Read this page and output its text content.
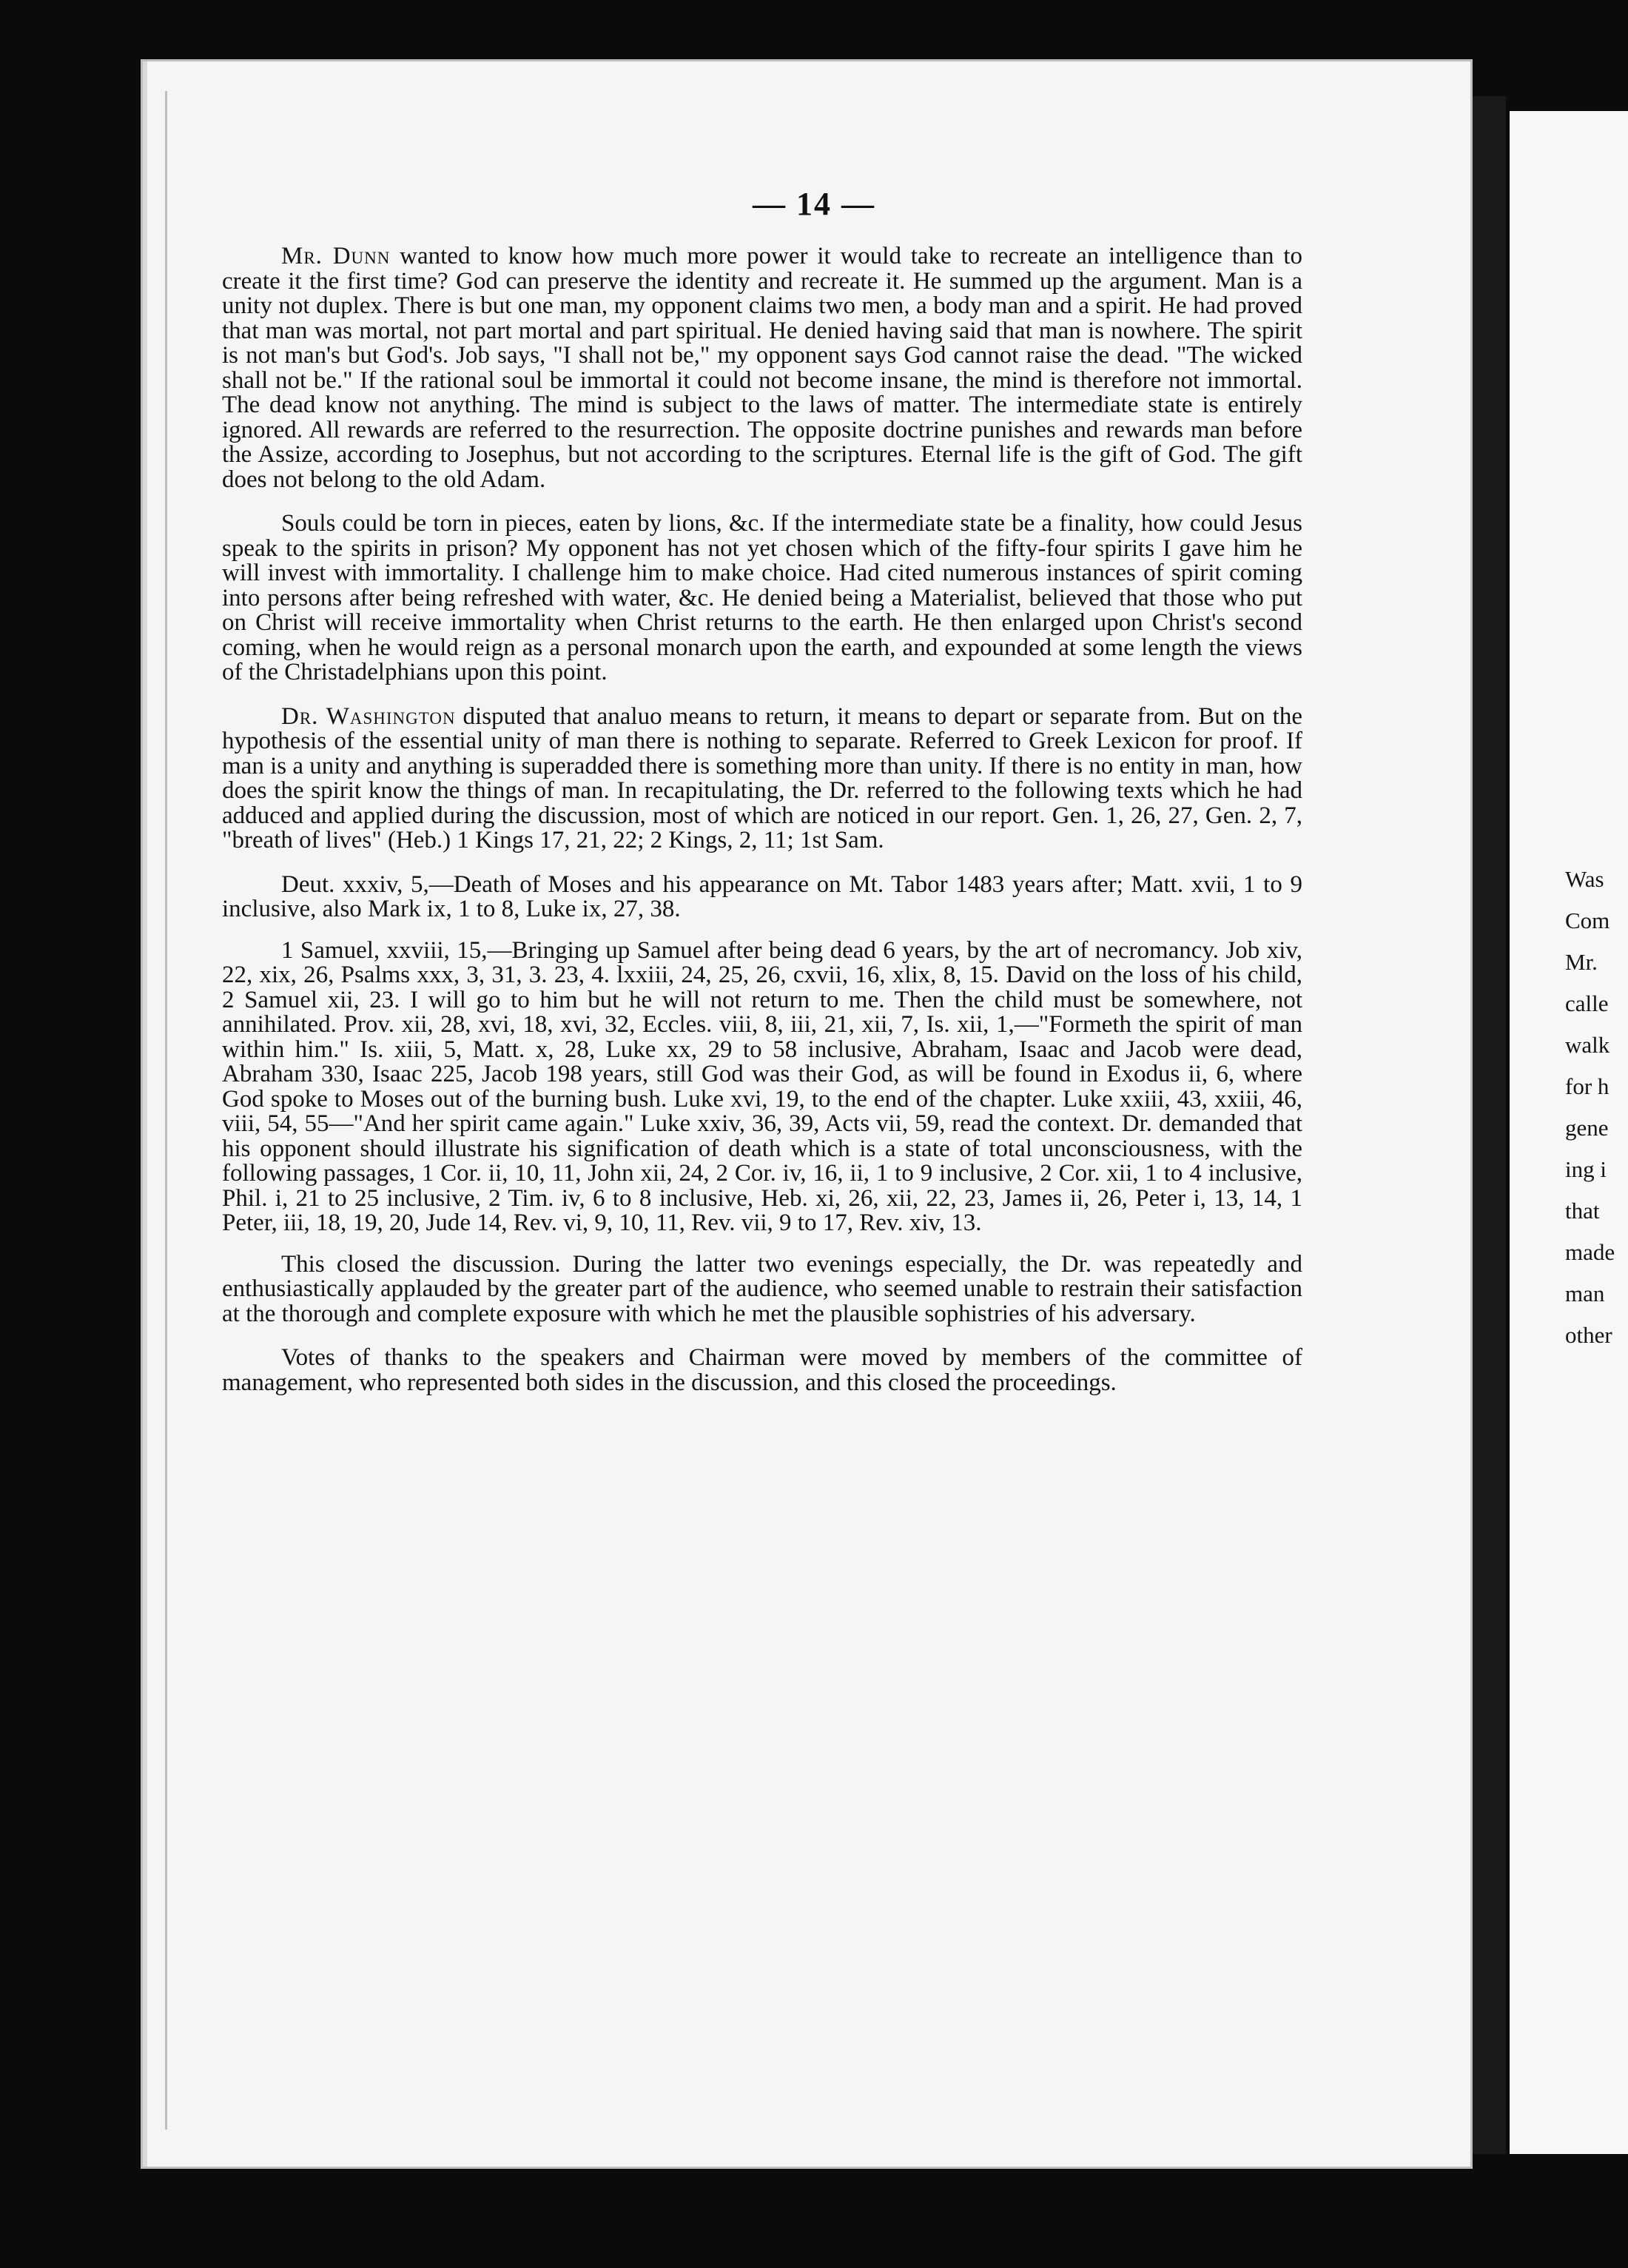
— 14 —

Mr. Dunn wanted to know how much more power it would take to recreate an intelligence than to create it the first time? God can preserve the identity and recreate it. He summed up the argument. Man is a unity not duplex. There is but one man, my opponent claims two men, a body man and a spirit. He had proved that man was mortal, not part mortal and part spiritual. He denied having said that man is nowhere. The spirit is not man's but God's. Job says, "I shall not be," my opponent says God cannot raise the dead. "The wicked shall not be." If the rational soul be immortal it could not become insane, the mind is therefore not immortal. The dead know not anything. The mind is subject to the laws of matter. The intermediate state is entirely ignored. All rewards are referred to the resurrection. The opposite doctrine punishes and rewards man before the Assize, according to Josephus, but not according to the scriptures. Eternal life is the gift of God. The gift does not belong to the old Adam.

Souls could be torn in pieces, eaten by lions, &c. If the intermediate state be a finality, how could Jesus speak to the spirits in prison? My opponent has not yet chosen which of the fifty-four spirits I gave him he will invest with immortality. I challenge him to make choice. Had cited numerous instances of spirit coming into persons after being refreshed with water, &c. He denied being a Materialist, believed that those who put on Christ will receive immortality when Christ returns to the earth. He then enlarged upon Christ's second coming, when he would reign as a personal monarch upon the earth, and expounded at some length the views of the Christadelphians upon this point.

Dr. Washington disputed that analuo means to return, it means to depart or separate from. But on the hypothesis of the essential unity of man there is nothing to separate. Referred to Greek Lexicon for proof. If man is a unity and anything is superadded there is something more than unity. If there is no entity in man, how does the spirit know the things of man. In recapitulating, the Dr. referred to the following texts which he had adduced and applied during the discussion, most of which are noticed in our report. Gen. 1, 26, 27, Gen. 2, 7, "breath of lives" (Heb.) 1 Kings 17, 21, 22; 2 Kings, 2, 11; 1st Sam.

Deut. xxxiv, 5,—Death of Moses and his appearance on Mt. Tabor 1483 years after; Matt. xvii, 1 to 9 inclusive, also Mark ix, 1 to 8, Luke ix, 27, 38.

1 Samuel, xxviii, 15,—Bringing up Samuel after being dead 6 years, by the art of necromancy. Job xiv, 22, xix, 26, Psalms xxx, 3, 31, 3. 23, 4. lxxiii, 24, 25, 26, cxvii, 16, xlix, 8, 15. David on the loss of his child, 2 Samuel xii, 23. I will go to him but he will not return to me. Then the child must be somewhere, not annihilated. Prov. xii, 28, xvi, 18, xvi, 32, Eccles. viii, 8, iii, 21, xii, 7, Is. xii, 1,—"Formeth the spirit of man within him." Is. xiii, 5, Matt. x, 28, Luke xx, 29 to 58 inclusive, Abraham, Isaac and Jacob were dead, Abraham 330, Isaac 225, Jacob 198 years, still God was their God, as will be found in Exodus ii, 6, where God spoke to Moses out of the burning bush. Luke xvi, 19, to the end of the chapter. Luke xxiii, 43, xxiii, 46, viii, 54, 55—"And her spirit came again." Luke xxiv, 36, 39, Acts vii, 59, read the context. Dr. demanded that his opponent should illustrate his signification of death which is a state of total unconsciousness, with the following passages, 1 Cor. ii, 10, 11, John xii, 24, 2 Cor. iv, 16, ii, 1 to 9 inclusive, 2 Cor. xii, 1 to 4 inclusive, Phil. i, 21 to 25 inclusive, 2 Tim. iv, 6 to 8 inclusive, Heb. xi, 26, xii, 22, 23, James ii, 26, Peter i, 13, 14, 1 Peter, iii, 18, 19, 20, Jude 14, Rev. vi, 9, 10, 11, Rev. vii, 9 to 17, Rev. xiv, 13.

This closed the discussion. During the latter two evenings especially, the Dr. was repeatedly and enthusiastically applauded by the greater part of the audience, who seemed unable to restrain their satisfaction at the thorough and complete exposure with which he met the plausible sophistries of his adversary.

Votes of thanks to the speakers and Chairman were moved by members of the committee of management, who represented both sides in the discussion, and this closed the proceedings.

Was
Com
Mr.
calle
walk
for h
gene
ing i
that
made
man
other
